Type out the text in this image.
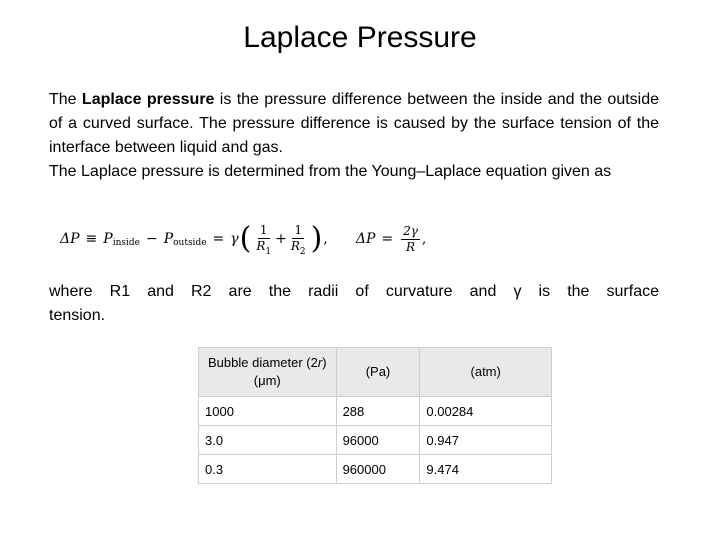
Laplace Pressure
The Laplace pressure is the pressure difference between the inside and the outside of a curved surface. The pressure difference is caused by the surface tension of the interface between liquid and gas.
The Laplace pressure is determined from the Young–Laplace equation given as
ΔP ≡ P inside − P outside = γ ( $\frac{1}{R_1} + \frac{1}{R_2}$ ) , $\Delta P = \frac{2\gamma}{R}$ ,
where R1 and R2 are the radii of curvature and γ is the surface
tension.
Bubble diameter (2r) (μm)	(Pa)	(atm)
1000	288	0.00284
3.0	96000	0.947
0.3	960000	9.474
